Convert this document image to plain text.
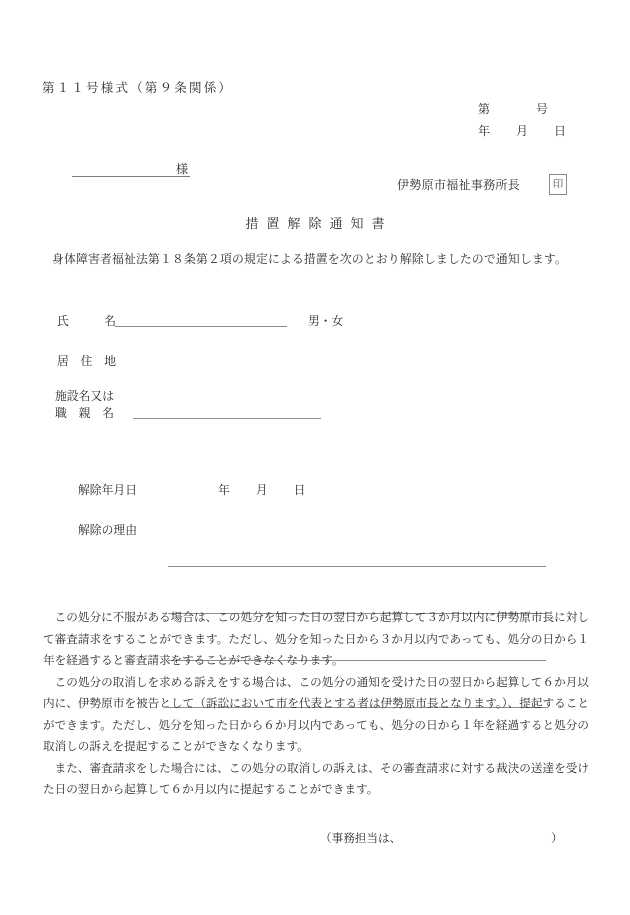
第１１号様式（第９条関係）
第	号
年 月 日
様
伊勢原市福祉事務所長	印
措置解除通知書
身体障害者福祉法第１８条第２項の規定による措置を次のとおり解除しましたので通知します。
氏　　　名	男・女
居　住　地
施設名又は
職　親　名
解除年月日	年 月 日
解除の理由

この処分に不服がある場合は、この処分を知った日の翌日から起算して３か月以内に伊勢原市長に対して審査請求をすることができます。ただし、処分を知った日から３か月以内であっても、処分の日から１年を経過すると審査請求をすることができなくなります。

この処分の取消しを求める訴えをする場合は、この処分の通知を受けた日の翌日から起算して６か月以内に、伊勢原市を被告として（訴訟において市を代表とする者は伊勢原市長となります。）、提起することができます。ただし、処分を知った日から６か月以内であっても、処分の日から１年を経過すると処分の取消しの訴えを提起することができなくなります。

また、審査請求をした場合には、この処分の取消しの訴えは、その審査請求に対する裁決の送達を受けた日の翌日から起算して６か月以内に提起することができます。

（事務担当は、	）
